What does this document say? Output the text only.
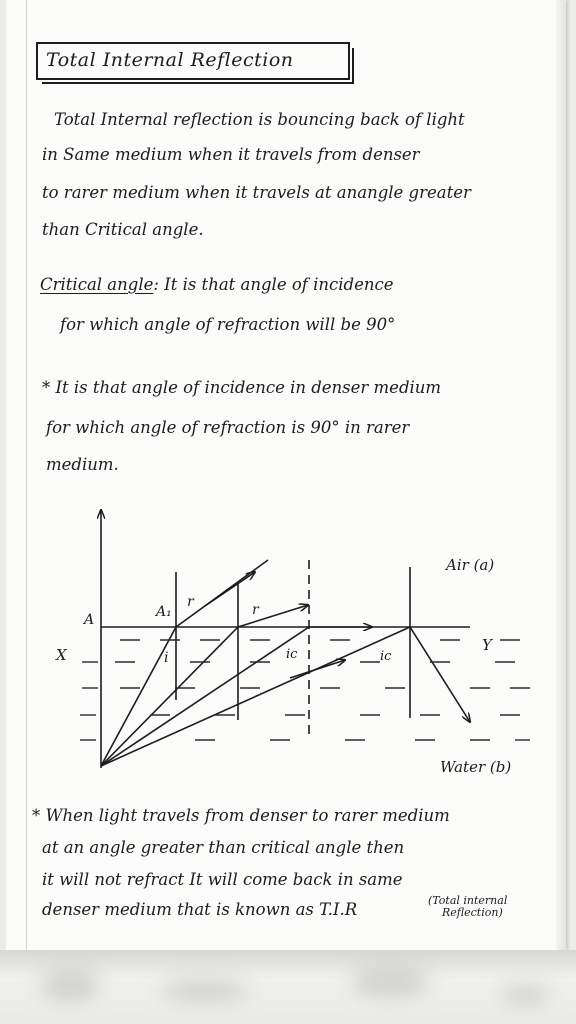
Total Internal Reflection
Total Internal reflection is bouncing back of light
in Same medium when it travels from denser
to rarer medium when it travels at anangle greater
than Critical angle.
Critical angle: It is that angle of incidence
for which angle of refraction will be 90°
* It is that angle of incidence in denser medium
for which angle of refraction is 90° in rarer
medium.
* When light travels from denser to rarer medium
at an angle greater than critical angle then
it will not refract It will come back in same
denser medium that is known as T.I.R	(Total internal
Reflection)
Air (a)
Water (b)
A	A₁
X
Y
r	r
i	ic	ic
